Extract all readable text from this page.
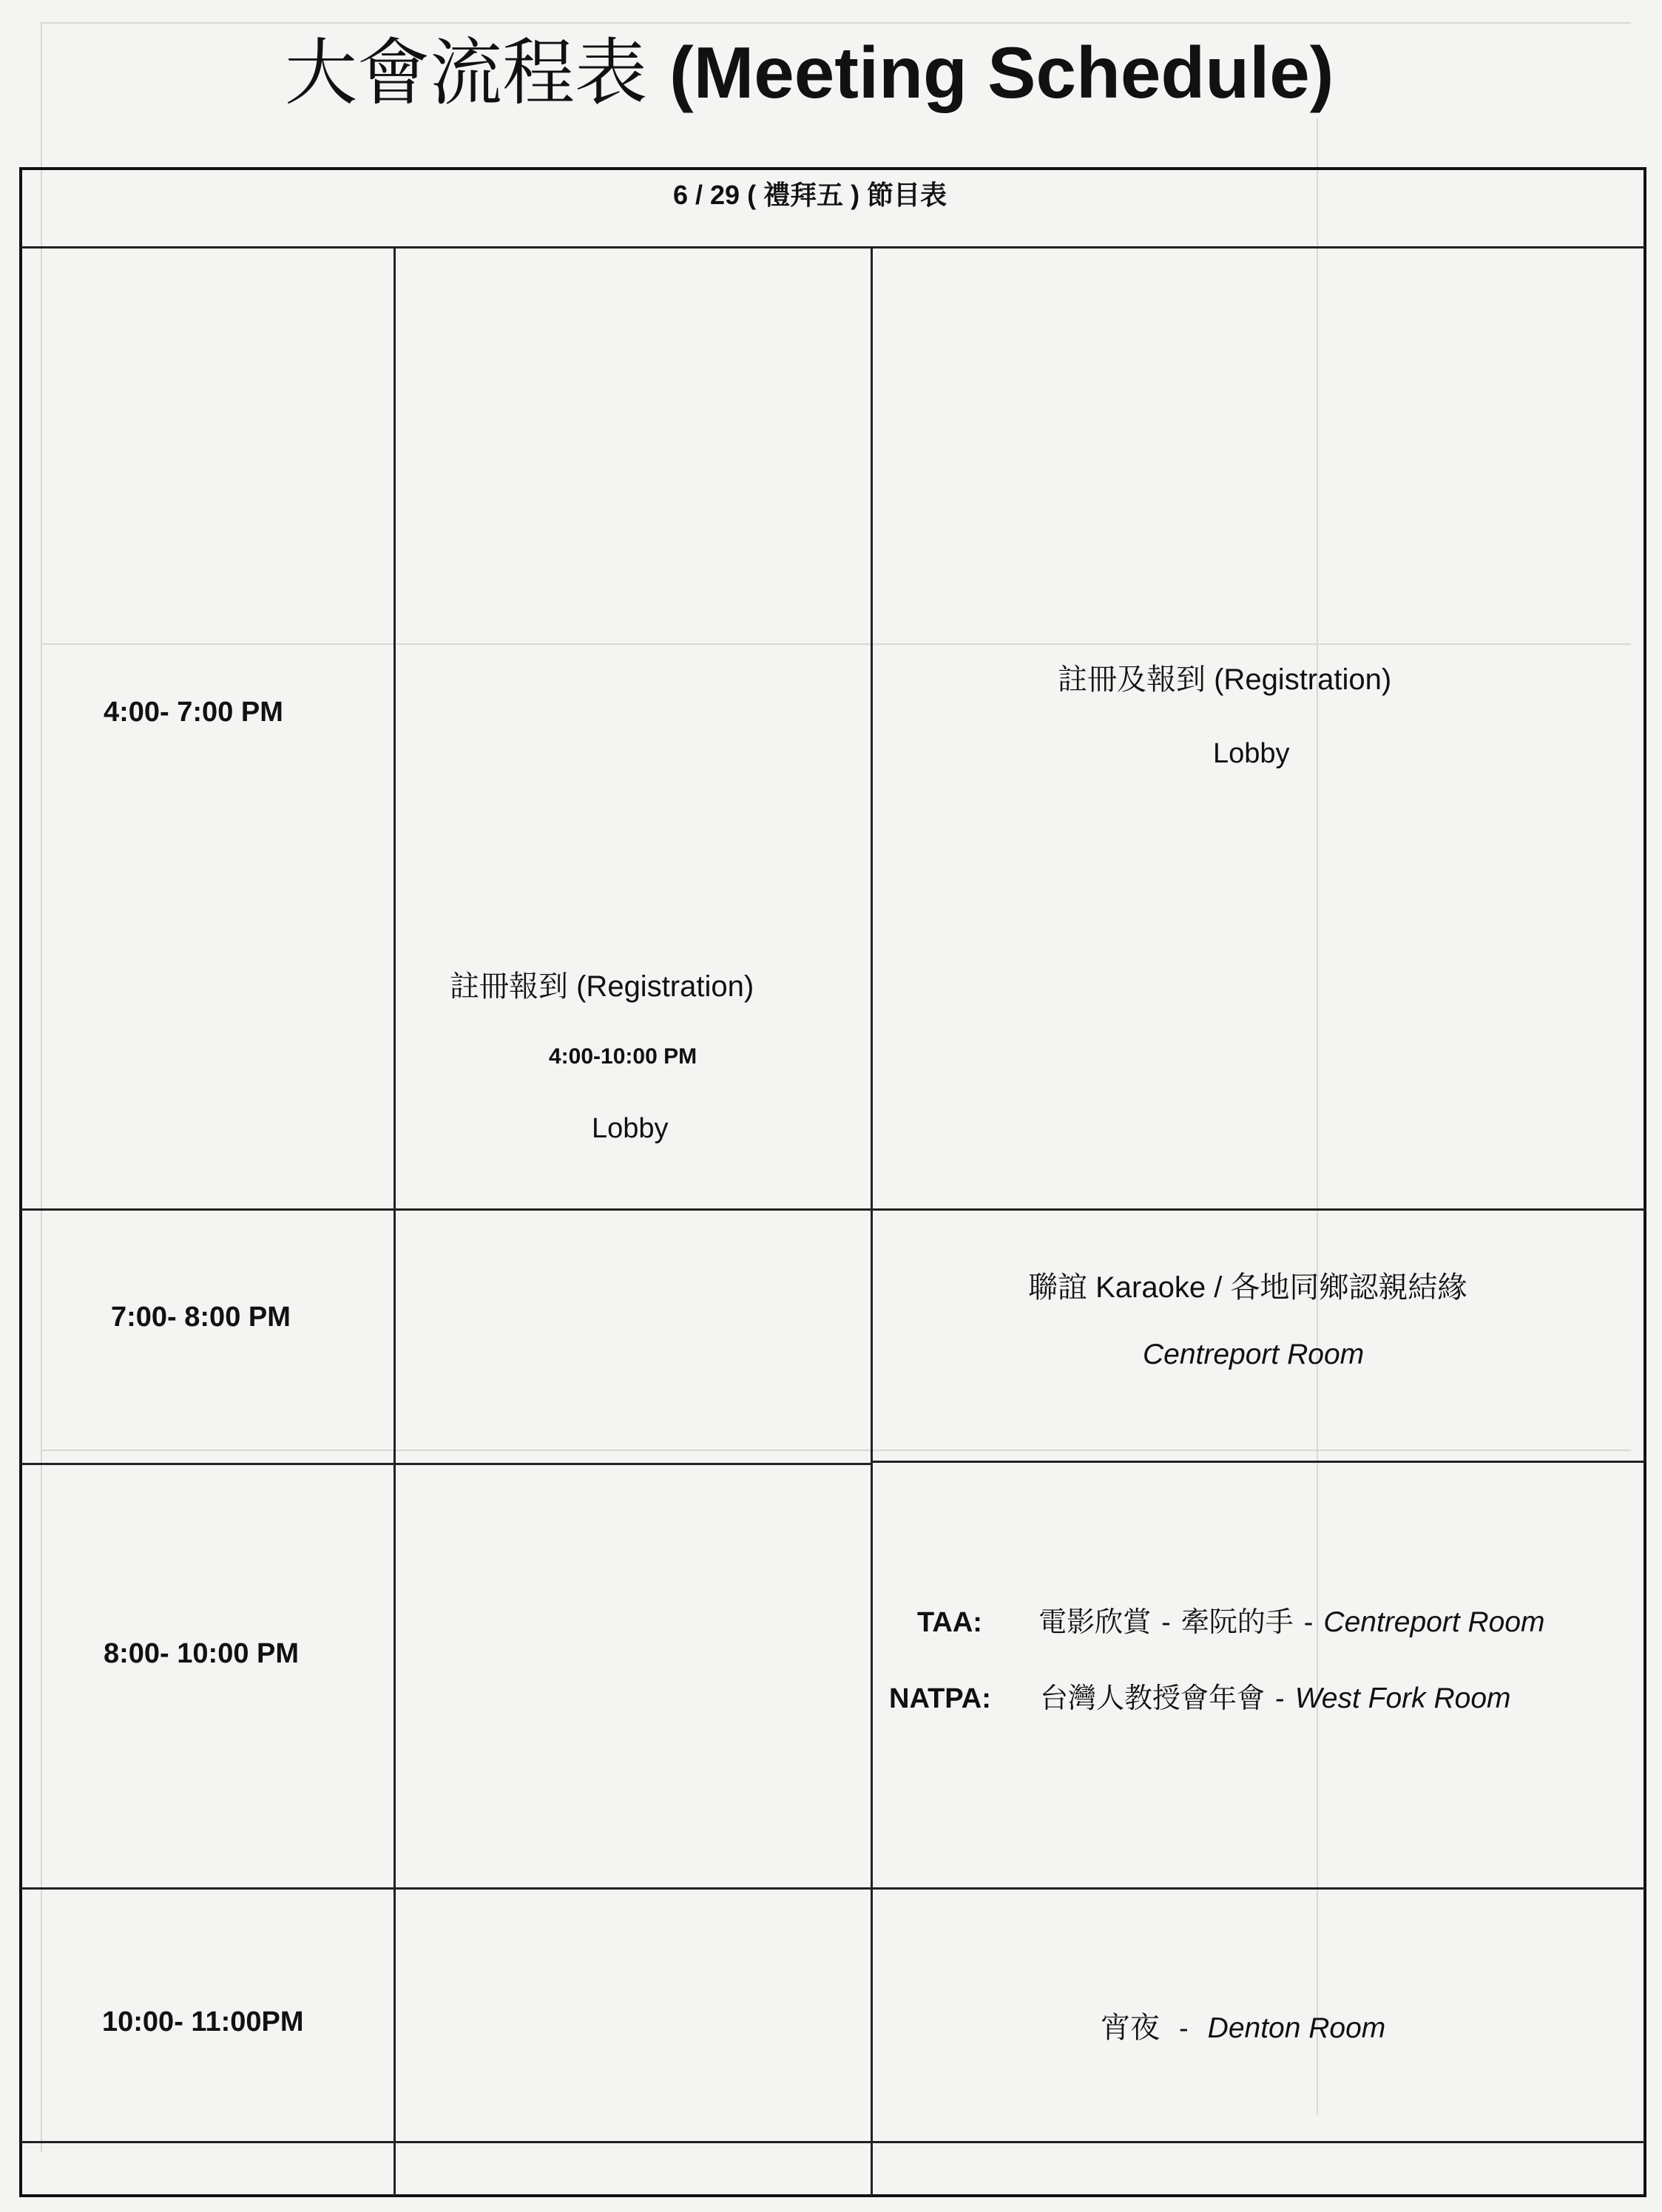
大會流程表 (Meeting Schedule)
6 / 29 ( 禮拜五 ) 節目表
4:00- 7:00 PM
7:00- 8:00 PM
8:00- 10:00 PM
10:00- 11:00PM
註冊報到 (Registration)
4:00-10:00 PM
Lobby
註冊及報到 (Registration)
Lobby
聯誼 Karaoke / 各地同鄉認親結緣
Centreport Room
TAA: 電影欣賞 - 牽阮的手 - Centreport Room
NATPA: 台灣人教授會年會 - West Fork Room
宵夜 - Denton Room
